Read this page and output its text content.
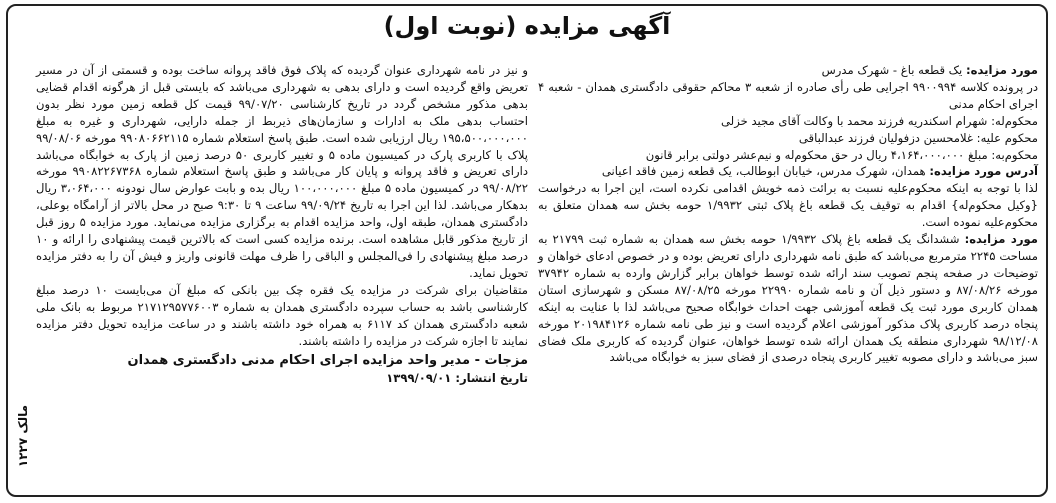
آگهی مزایده (نوبت اول)
مالک ۱۲۲۷

مورد مزایده: یک قطعه باغ - شهرک مدرس

در پرونده کلاسه ۹۹۰۰۹۹۴ اجرایی طی رأی صادره از شعبه ۳ محاکم حقوقی دادگستری همدان - شعبه ۴ اجرای احکام مدنی

محکوم‌له: شهرام اسکندریه فرزند محمد با وکالت آقای مجید خزلی

محکوم علیه: غلامحسین دزفولیان فرزند عبدالباقی

محکوم‌به: مبلغ ۴،۱۶۴،۰۰۰،۰۰۰ ریال در حق محکوم‌له و نیم‌عشر دولتی برابر قانون

آدرس مورد مزایده: همدان، شهرک مدرس، خیابان ابوطالب، یک قطعه زمین فاقد اعیانی

لذا با توجه به اینکه محکوم‌علیه نسبت به برائت ذمه خویش اقدامی نکرده است، این اجرا به درخواست {وکیل محکوم‌له} اقدام به توقیف یک قطعه باغ پلاک ثبتی ۱/۹۹۳۲ حومه بخش سه همدان متعلق به محکوم‌علیه نموده است.

مورد مزایده: ششدانگ یک قطعه باغ پلاک ۱/۹۹۳۲ حومه بخش سه همدان به شماره ثبت ۲۱۷۹۹ به مساحت ۲۲۴۵ مترمربع می‌باشد که طبق نامه شهرداری دارای تعریض بوده و در خصوص ادعای خواهان و توضیحات در صفحه پنجم تصویب سند ارائه شده توسط خواهان برابر گزارش وارده به شماره ۳۷۹۴۲ مورخه ۸۷/۰۸/۲۶ و دستور ذیل آن و نامه شماره ۲۲۹۹۰ مورخه ۸۷/۰۸/۲۵ مسکن و شهرسازی استان همدان کاربری مورد ثبت یک قطعه آموزشی جهت احداث خوابگاه صحیح می‌باشد لذا با عنایت به اینکه پنجاه درصد کاربری پلاک مذکور آموزشی اعلام گردیده است و نیز طی نامه شماره ۲۰۱۹۸۴۱۲۶ مورخه ۹۸/۱۲/۰۸ شهرداری منطقه یک همدان ارائه شده توسط خواهان، عنوان گردیده که کاربری ملک فضای سبز می‌باشد و دارای مصوبه تغییر کاربری پنجاه درصدی از فضای سبز به خوابگاه می‌باشد

و نیز در نامه شهرداری عنوان گردیده که پلاک فوق فاقد پروانه ساخت بوده و قسمتی از آن در مسیر تعریض واقع گردیده است و دارای بدهی به شهرداری می‌باشد که بایستی قبل از هرگونه اقدام قضایی بدهی مذکور مشخص گردد در تاریخ کارشناسی ۹۹/۰۷/۲۰ قیمت کل قطعه زمین مورد نظر بدون احتساب بدهی ملک به ادارات و سازمان‌های ذیربط از جمله دارایی، شهرداری و غیره به مبلغ ۱۹۵،۵۰۰،۰۰۰،۰۰۰ ریال ارزیابی شده است. طبق پاسخ استعلام شماره ۹۹۰۸۰۶۶۲۱۱۵ مورخه ۹۹/۰۸/۰۶ پلاک با کاربری پارک در کمیسیون ماده ۵ و تغییر کاربری ۵۰ درصد زمین از پارک به خوابگاه می‌باشد دارای تعریض و فاقد پروانه و پایان کار می‌باشد و طبق پاسخ استعلام شماره ۹۹۰۸۲۲۶۷۳۶۸ مورخه ۹۹/۰۸/۲۲ در کمیسیون ماده ۵ مبلغ ۱۰۰،۰۰۰،۰۰۰ ریال بده و بابت عوارض سال نودونه ۳،۰۶۴،۰۰۰ ریال بدهکار می‌باشد. لذا این اجرا به تاریخ ۹۹/۰۹/۲۴ ساعت ۹ تا ۹:۳۰ صبح در محل بالاتر از آرامگاه بوعلی، دادگستری همدان، طبقه اول، واحد مزایده اقدام به برگزاری مزایده می‌نماید. مورد مزایده ۵ روز قبل از تاریخ مذکور قابل مشاهده است. برنده مزایده کسی است که بالاترین قیمت پیشنهادی را ارائه و ۱۰ درصد مبلغ پیشنهادی را فی‌المجلس و الباقی را ظرف مهلت قانونی واریز و فیش آن را به دفتر مزایده تحویل نماید.

متقاضیان برای شرکت در مزایده یک فقره چک بین بانکی که مبلغ آن می‌بایست ۱۰ درصد مبلغ کارشناسی باشد به حساب سپرده دادگستری همدان به شماره ۲۱۷۱۲۹۵۷۷۶۰۰۳ مربوط به بانک ملی شعبه دادگستری همدان کد ۶۱۱۷ به همراه خود داشته باشند و در ساعت مزایده تحویل دفتر مزایده نمایند تا اجازه شرکت در مزایده را داشته باشند.

مزجات - مدیر واحد مزایده اجرای احکام مدنی دادگستری همدان

تاریخ انتشار: ۱۳۹۹/۰۹/۰۱
